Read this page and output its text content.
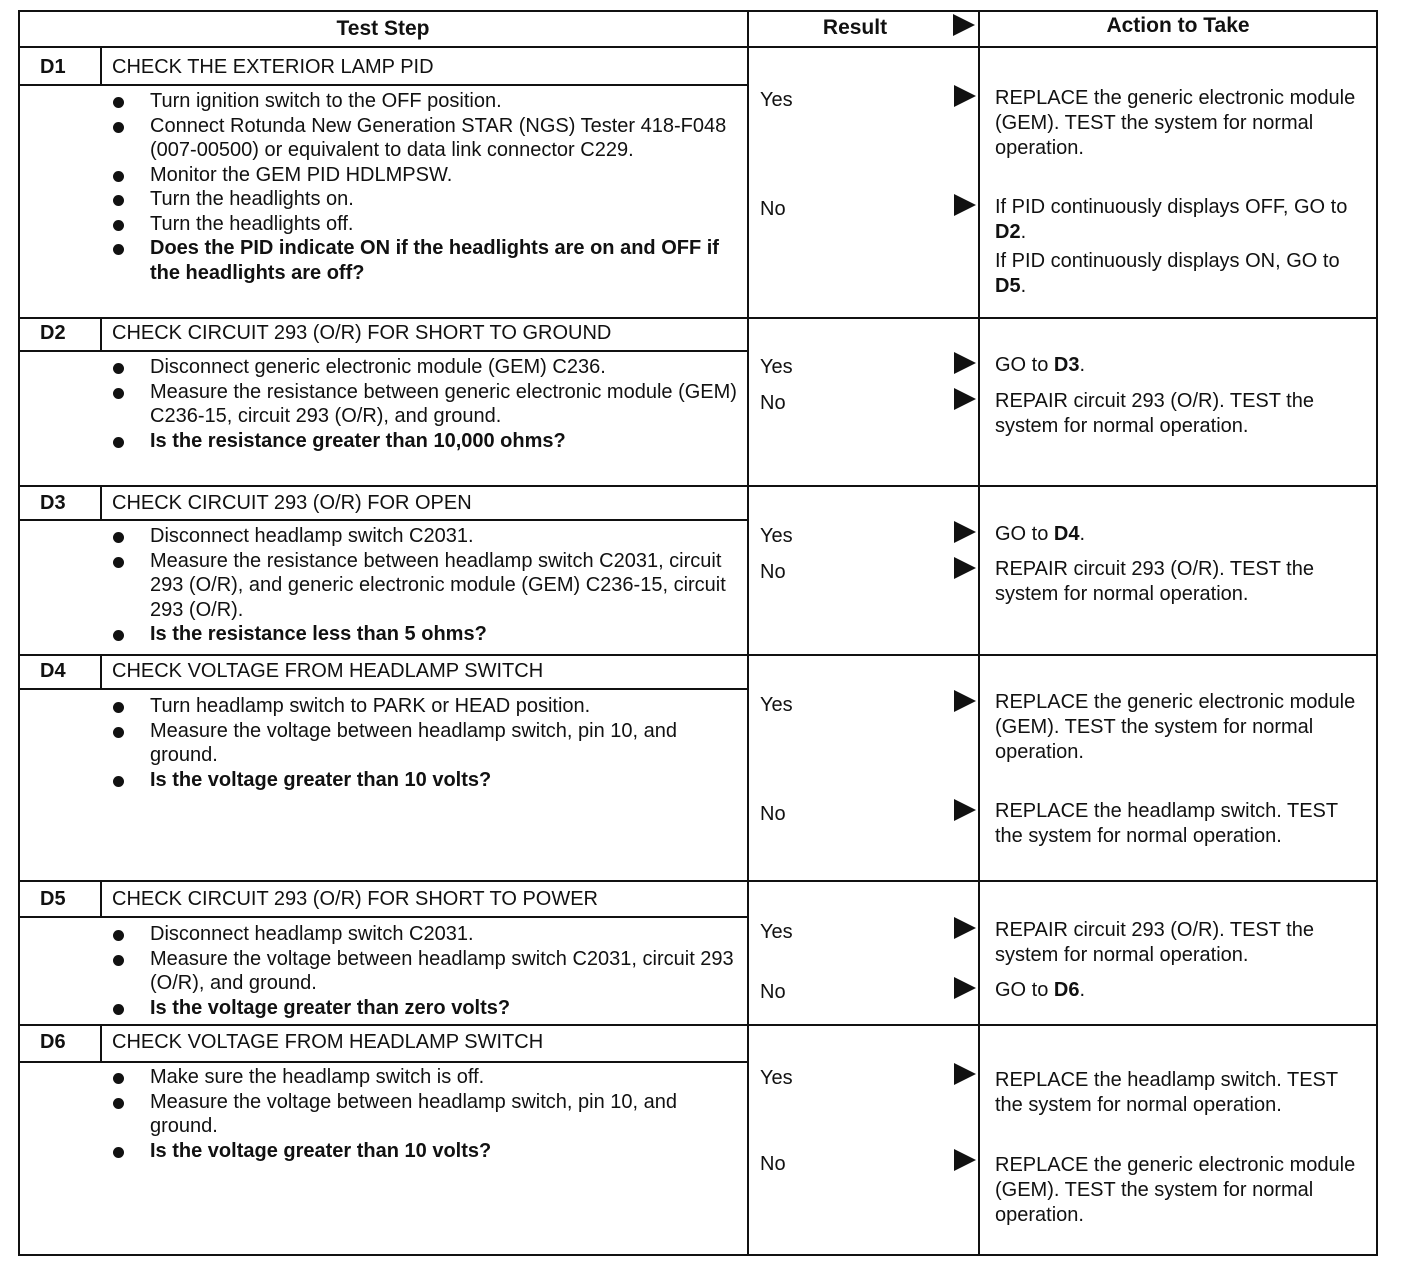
Test Step	Result	Action to Take
D1 CHECK THE EXTERIOR LAMP PID
Turn ignition switch to the OFF position.
Connect Rotunda New Generation STAR (NGS) Tester 418-F048 (007-00500) or equivalent to data link connector C229.
Monitor the GEM PID HDLMPSW.
Turn the headlights on.
Turn the headlights off.
Does the PID indicate ON if the headlights are on and OFF if the headlights are off?
Yes	REPLACE the generic electronic module (GEM). TEST the system for normal operation.
No	If PID continuously displays OFF, GO to D2.
If PID continuously displays ON, GO to D5.
D2 CHECK CIRCUIT 293 (O/R) FOR SHORT TO GROUND
Disconnect generic electronic module (GEM) C236.
Measure the resistance between generic electronic module (GEM) C236-15, circuit 293 (O/R), and ground.
Is the resistance greater than 10,000 ohms?
Yes	GO to D3.
No	REPAIR circuit 293 (O/R). TEST the system for normal operation.
D3 CHECK CIRCUIT 293 (O/R) FOR OPEN
Disconnect headlamp switch C2031.
Measure the resistance between headlamp switch C2031, circuit 293 (O/R), and generic electronic module (GEM) C236-15, circuit 293 (O/R).
Is the resistance less than 5 ohms?
Yes	GO to D4.
No	REPAIR circuit 293 (O/R). TEST the system for normal operation.
D4 CHECK VOLTAGE FROM HEADLAMP SWITCH
Turn headlamp switch to PARK or HEAD position.
Measure the voltage between headlamp switch, pin 10, and ground.
Is the voltage greater than 10 volts?
Yes	REPLACE the generic electronic module (GEM). TEST the system for normal operation.
No	REPLACE the headlamp switch. TEST the system for normal operation.
D5 CHECK CIRCUIT 293 (O/R) FOR SHORT TO POWER
Disconnect headlamp switch C2031.
Measure the voltage between headlamp switch C2031, circuit 293 (O/R), and ground.
Is the voltage greater than zero volts?
Yes	REPAIR circuit 293 (O/R). TEST the system for normal operation.
No	GO to D6.
D6 CHECK VOLTAGE FROM HEADLAMP SWITCH
Make sure the headlamp switch is off.
Measure the voltage between headlamp switch, pin 10, and ground.
Is the voltage greater than 10 volts?
Yes	REPLACE the headlamp switch. TEST the system for normal operation.
No	REPLACE the generic electronic module (GEM). TEST the system for normal operation.
